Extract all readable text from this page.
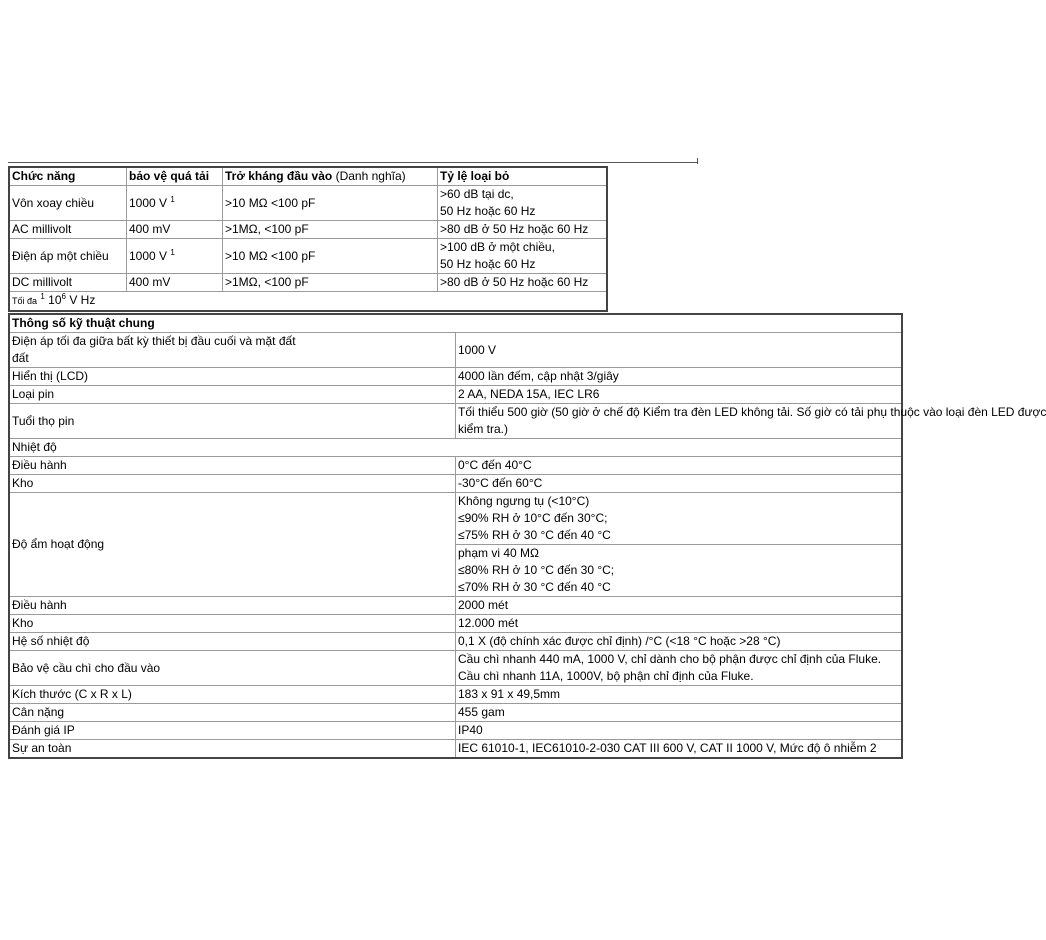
Chức năng	bảo vệ quá tải	Trở kháng đầu vào (Danh nghĩa)	Tỷ lệ loại bỏ
Vôn xoay chiều	1000 V $^1$	>10 MΩ <100 pF	>60 dB tại dc,
50 Hz hoặc 60 Hz

AC millivolt	400 mV	>1MΩ, <100 pF	>80 dB ở 50 Hz hoặc 60 Hz
Điện áp một chiều	1000 V $^1$	>10 MΩ <100 pF	>100 dB ở một chiều,
50 Hz hoặc 60 Hz

DC millivolt	400 mV	>1MΩ, <100 pF	>80 dB ở 50 Hz hoặc 60 Hz
Tối đa $^1$ $10^6$ V Hz			
Thông số kỹ thuật chung	

Điện áp tối đa giữa bất kỳ thiết bị đầu cuối và mặt đất
đất	1000 V
Hiển thị (LCD)	4000 lần đếm, cập nhật 3/giây
Loại pin	2 AA, NEDA 15A, IEC LR6
Tuổi thọ pin	Tối thiểu 500 giờ (50 giờ ở chế độ Kiểm tra đèn LED không tải. Số giờ có tải phụ thuộc vào loại đèn LED được
kiểm tra.)

Nhiệt độ	
Điều hành	0°C đến 40°C
Kho	-30°C đến 60°C
Độ ẩm hoạt động	Không ngưng tụ (<10°C)
≤90% RH ở 10°C đến 30°C;
≤75% RH ở 30 °C đến 40 °C

	phạm vi 40 MΩ
≤80% RH ở 10 °C đến 30 °C;
≤70% RH ở 30 °C đến 40 °C

Điều hành	2000 mét
Kho	12.000 mét
Hệ số nhiệt độ	0,1 X (độ chính xác được chỉ định) /°C (<18 °C hoặc >28 °C)
Bảo vệ cầu chì cho đầu vào	Cầu chì nhanh 440 mA, 1000 V, chỉ dành cho bộ phận được chỉ định của Fluke.
Cầu chì nhanh 11A, 1000V, bộ phận chỉ định của Fluke.

Kích thước (C x R x L)	183 x 91 x 49,5mm
Cân nặng	455 gam
Đánh giá IP	IP40
Sự an toàn	IEC 61010-1, IEC61010-2-030 CAT III 600 V, CAT II 1000 V, Mức độ ô nhiễm 2
